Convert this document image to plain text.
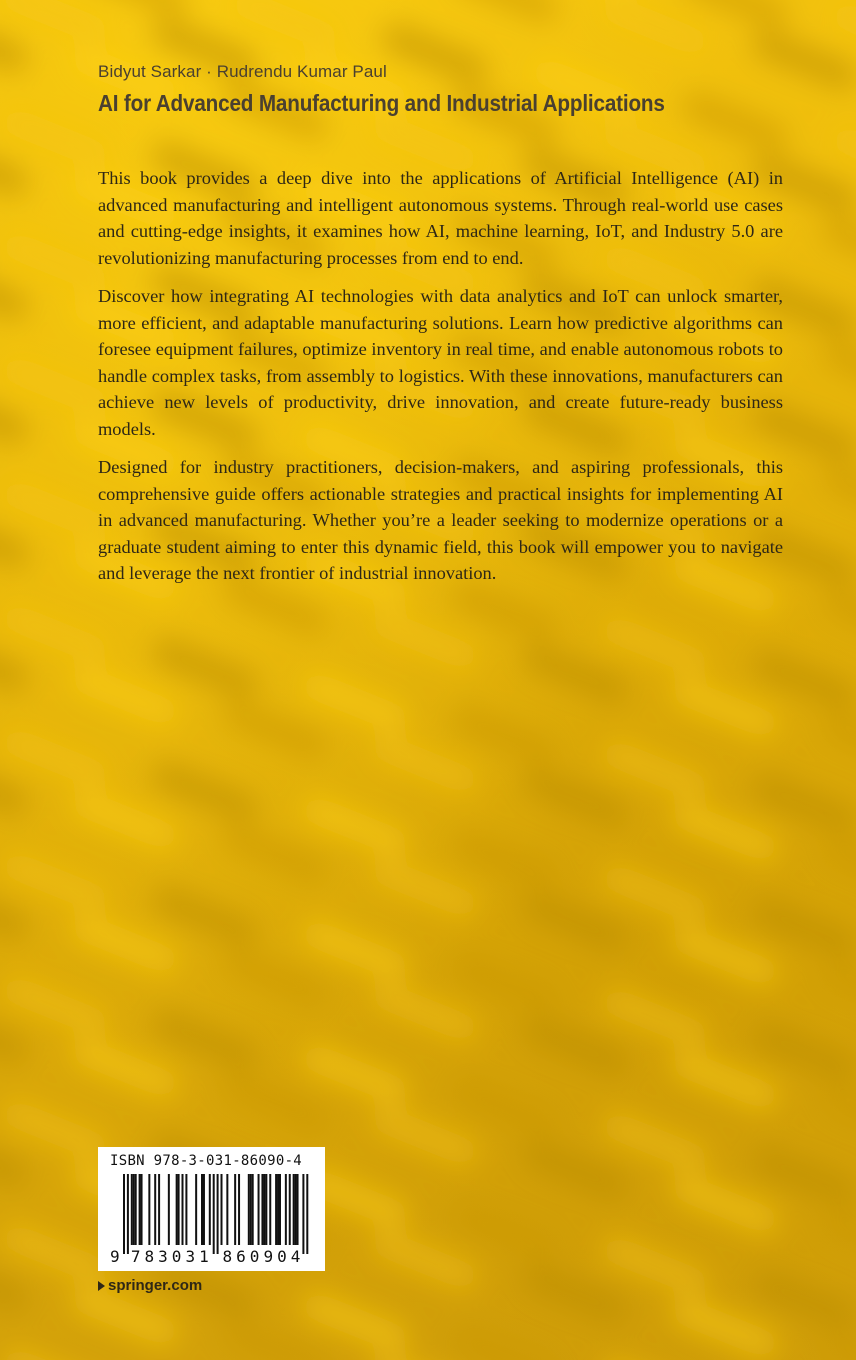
Bidyut Sarkar · Rudrendu Kumar Paul
AI for Advanced Manufacturing and Industrial Applications

This book provides a deep dive into the applications of Artificial Intelligence (AI) in advanced manufacturing and intelligent autonomous systems. Through real-world use cases and cutting-edge insights, it examines how AI, machine learning, IoT, and Industry 5.0 are revolutionizing manufacturing processes from end to end.

Discover how integrating AI technologies with data analytics and IoT can unlock smarter, more efficient, and adaptable manufacturing solutions. Learn how predictive algorithms can foresee equipment failures, optimize inventory in real time, and enable autonomous robots to handle complex tasks, from assembly to logistics. With these innovations, manufacturers can achieve new levels of productivity, drive innovation, and create future-ready business models.

Designed for industry practitioners, decision-makers, and aspiring professionals, this comprehensive guide offers actionable strategies and practical insights for implementing AI in advanced manufacturing. Whether you’re a leader seeking to modernize operations or a graduate student aiming to enter this dynamic field, this book will empower you to navigate and leverage the next frontier of industrial innovation.

ISBN 978-3-031-86090-4
9 7 8 3 0 3 1 8 6 0 9 0 4
springer.com
